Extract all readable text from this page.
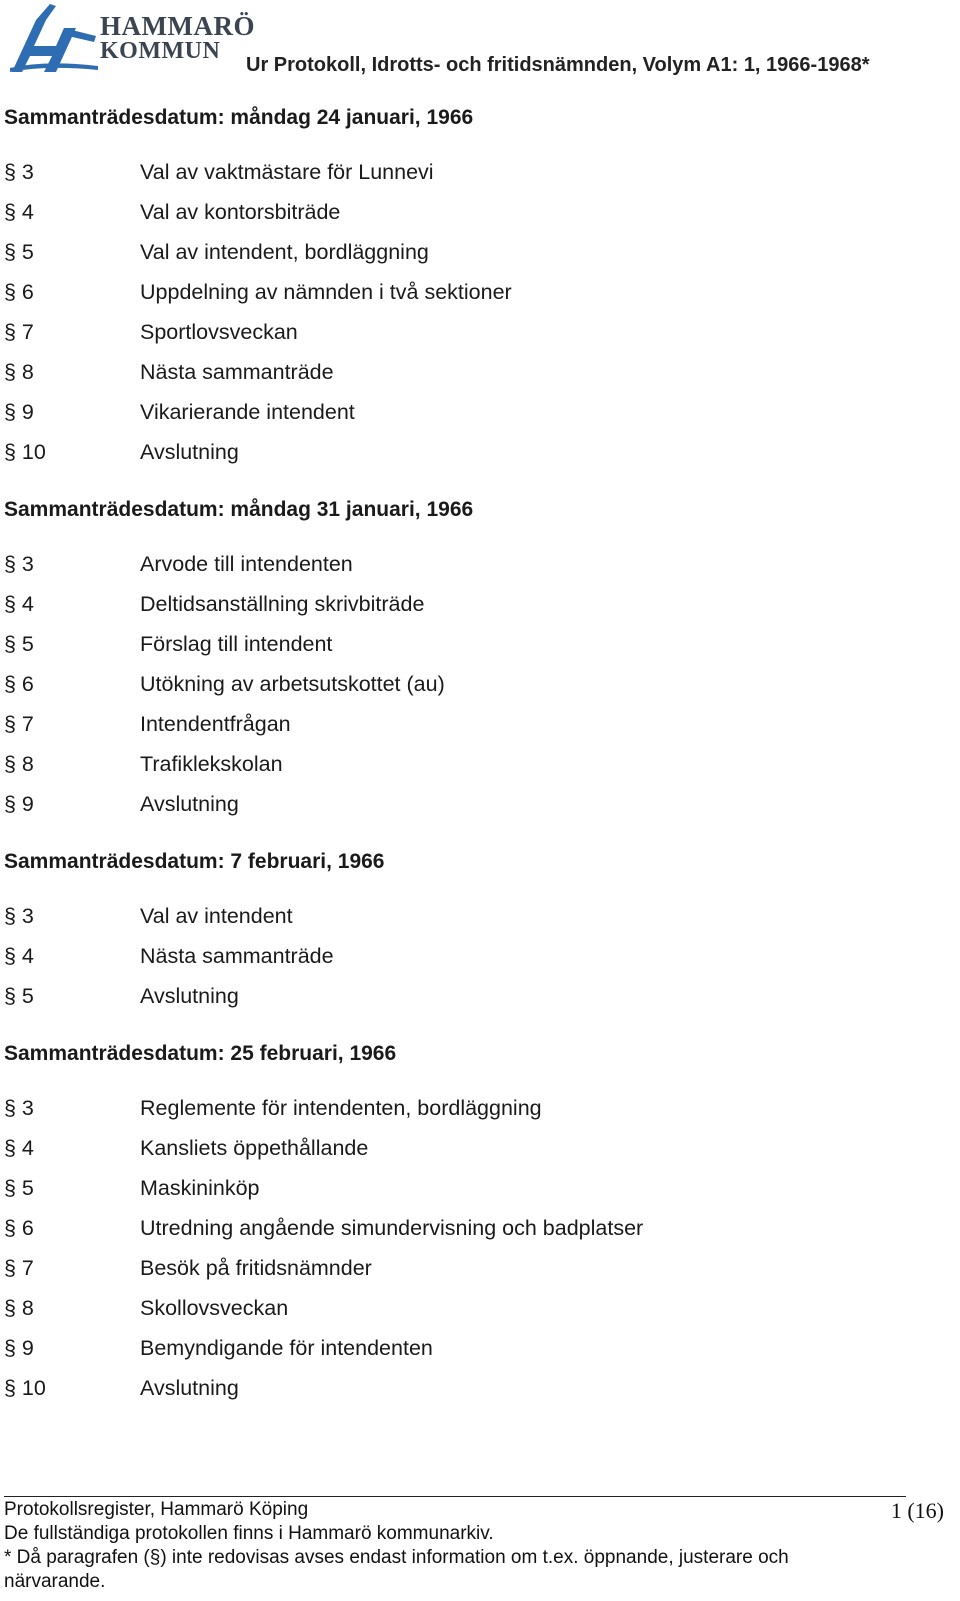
HAMMARÖ
KOMMUN
Ur Protokoll, Idrotts- och fritidsnämnden, Volym A1: 1, 1966-1968*
Sammanträdesdatum: måndag 24 januari, 1966
§ 3	Val av vaktmästare för Lunnevi
§ 4	Val av kontorsbiträde
§ 5	Val av intendent, bordläggning
§ 6	Uppdelning av nämnden i två sektioner
§ 7	Sportlovsveckan
§ 8	Nästa sammanträde
§ 9	Vikarierande intendent
§ 10	Avslutning
Sammanträdesdatum: måndag 31 januari, 1966
§ 3	Arvode till intendenten
§ 4	Deltidsanställning skrivbiträde
§ 5	Förslag till intendent
§ 6	Utökning av arbetsutskottet (au)
§ 7	Intendentfrågan
§ 8	Trafiklekskolan
§ 9	Avslutning
Sammanträdesdatum: 7 februari, 1966
§ 3	Val av intendent
§ 4	Nästa sammanträde
§ 5	Avslutning
Sammanträdesdatum: 25 februari, 1966
§ 3	Reglemente för intendenten, bordläggning
§ 4	Kansliets öppethållande
§ 5	Maskininköp
§ 6	Utredning angående simundervisning och badplatser
§ 7	Besök på fritidsnämnder
§ 8	Skollovsveckan
§ 9	Bemyndigande för intendenten
§ 10	Avslutning
Protokollsregister, Hammarö Köping	1 (16)
De fullständiga protokollen finns i Hammarö kommunarkiv.
* Då paragrafen (§) inte redovisas avses endast information om t.ex. öppnande, justerare och närvarande.
